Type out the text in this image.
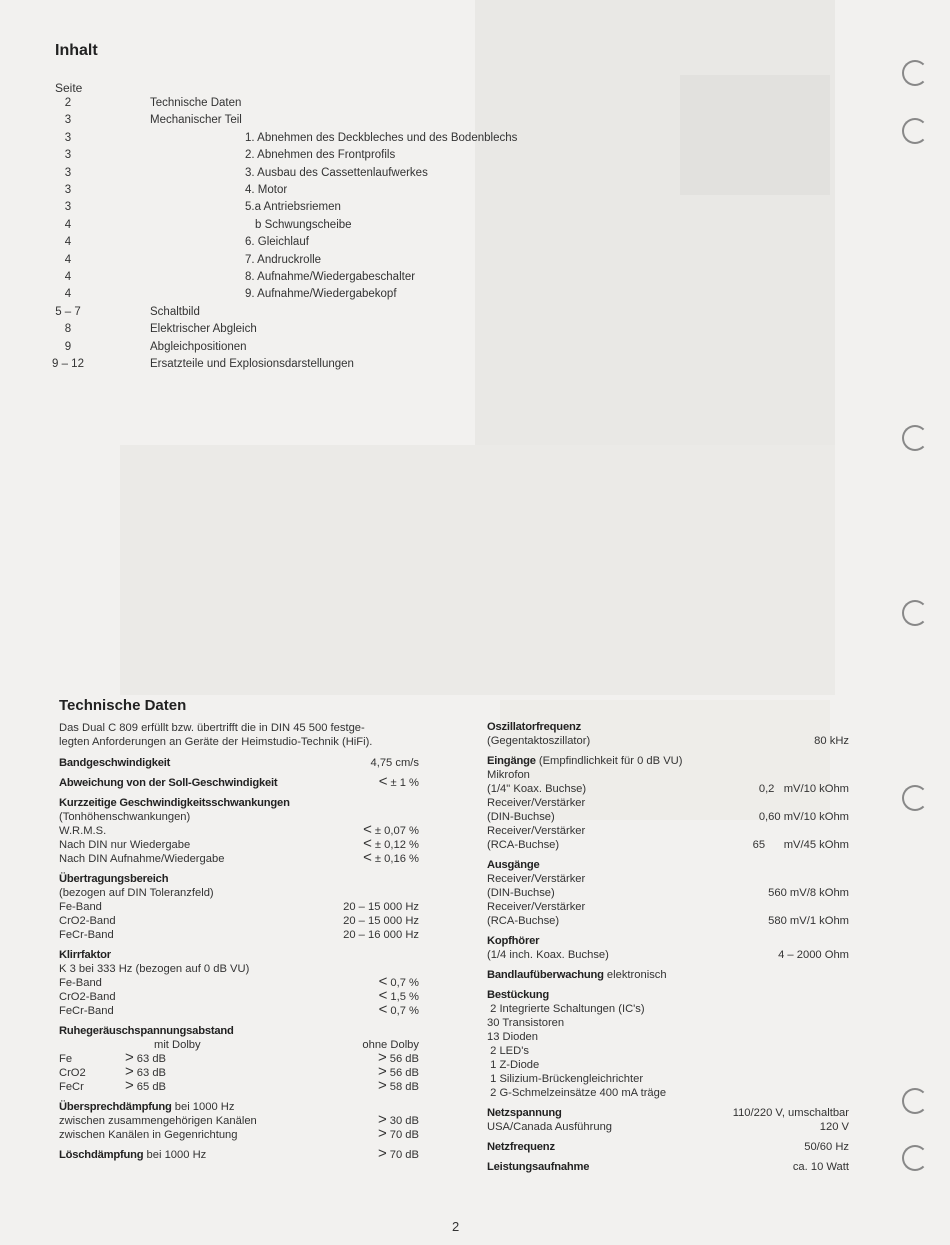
Inhalt
Seite
2	Technische Daten
3	Mechanischer Teil
3	1. Abnehmen des Deckbleches und des Bodenblechs
3	2. Abnehmen des Frontprofils
3	3. Ausbau des Cassettenlaufwerkes
3	4. Motor
3	5.a Antriebsriemen
4	b Schwungscheibe
4	6. Gleichlauf
4	7. Andruckrolle
4	8. Aufnahme/Wiedergabeschalter
4	9. Aufnahme/Wiedergabekopf
5 – 7	Schaltbild
8	Elektrischer Abgleich
9	Abgleichpositionen
9 – 12	Ersatzteile und Explosionsdarstellungen
Technische Daten
Das Dual C 809 erfüllt bzw. übertrifft die in DIN 45 500 festge-
legten Anforderungen an Geräte der Heimstudio-Technik (HiFi).
Bandgeschwindigkeit	4,75 cm/s
Abweichung von der Soll-Geschwindigkeit	< ± 1 %
Kurzzeitige Geschwindigkeitsschwankungen
(Tonhöhenschwankungen)
W.R.M.S.	< ± 0,07 %
Nach DIN nur Wiedergabe	< ± 0,12 %
Nach DIN Aufnahme/Wiedergabe	< ± 0,16 %
Übertragungsbereich
(bezogen auf DIN Toleranzfeld)
Fe-Band	20 – 15 000 Hz
CrO2-Band	20 – 15 000 Hz
FeCr-Band	20 – 16 000 Hz
Klirrfaktor
K 3 bei 333 Hz (bezogen auf 0 dB VU)
Fe-Band	< 0,7 %
CrO2-Band	< 1,5 %
FeCr-Band	< 0,7 %
Ruhegeräuschspannungsabstand
mit Dolby	ohne Dolby
Fe	> 63 dB	> 56 dB
CrO2	> 63 dB	> 56 dB
FeCr	> 65 dB	> 58 dB
Übersprechdämpfung bei 1000 Hz
zwischen zusammengehörigen Kanälen	> 30 dB
zwischen Kanälen in Gegenrichtung	> 70 dB
Löschdämpfung bei 1000 Hz	> 70 dB
Oszillatorfrequenz
(Gegentaktoszillator)	80 kHz
Eingänge (Empfindlichkeit für 0 dB VU)
Mikrofon
(1/4" Koax. Buchse)	0,2   mV/10 kOhm
Receiver/Verstärker
(DIN-Buchse)	0,60 mV/10 kOhm
Receiver/Verstärker
(RCA-Buchse)	65      mV/45 kOhm
Ausgänge
Receiver/Verstärker
(DIN-Buchse)	560 mV/8 kOhm
Receiver/Verstärker
(RCA-Buchse)	580 mV/1 kOhm
Kopfhörer
(1/4 inch. Koax. Buchse)	4 – 2000 Ohm
Bandlaufüberwachung elektronisch
Bestückung
2 Integrierte Schaltungen (IC's)
30 Transistoren
13 Dioden
2 LED's
1 Z-Diode
1 Silizium-Brückengleichrichter
2 G-Schmelzeinsätze 400 mA träge
Netzspannung	110/220 V, umschaltbar
USA/Canada Ausführung	120 V
Netzfrequenz	50/60 Hz
Leistungsaufnahme	ca. 10 Watt
2
